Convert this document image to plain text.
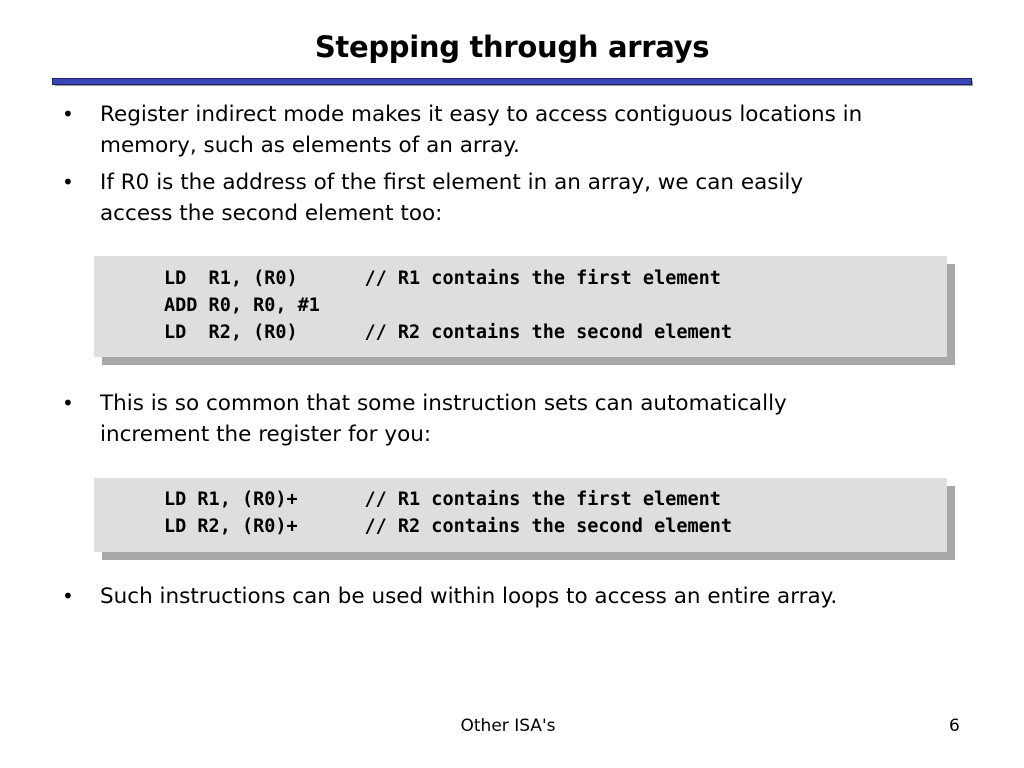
Stepping through arrays
• Register indirect mode makes it easy to access contiguous locations in
memory, such as elements of an array.
• If R0 is the address of the first element in an array, we can easily
access the second element too:
LD  R1, (R0)      // R1 contains the first element
ADD R0, R0, #1
LD  R2, (R0)      // R2 contains the second element
• This is so common that some instruction sets can automatically
increment the register for you:
LD R1, (R0)+      // R1 contains the first element
LD R2, (R0)+      // R2 contains the second element
• Such instructions can be used within loops to access an entire array.
Other ISA's	6
